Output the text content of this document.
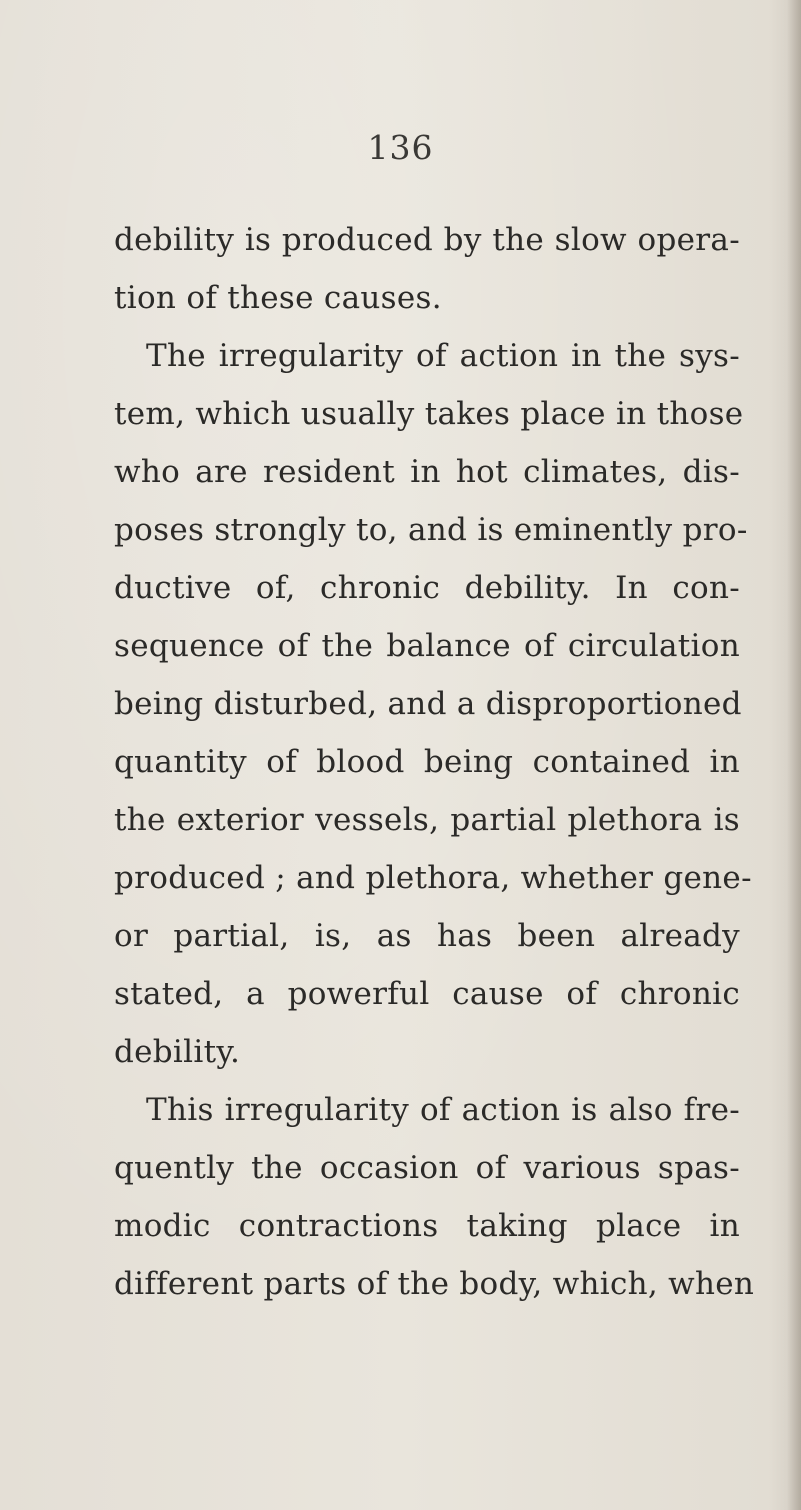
136
debility is produced by the slow opera-
tion of these causes.
The irregularity of action in the sys-
tem, which usually takes place in those
who are resident in hot climates, dis-
poses strongly to, and is eminently pro-
ductive of, chronic debility. In con-
sequence of the balance of circulation
being disturbed, and a disproportioned
quantity of blood being contained in
the exterior vessels, partial plethora is
produced ; and plethora, whether gene-
or partial, is, as has been already
stated, a powerful cause of chronic
debility.
This irregularity of action is also fre-
quently the occasion of various spas-
modic contractions taking place in
different parts of the body, which, when
